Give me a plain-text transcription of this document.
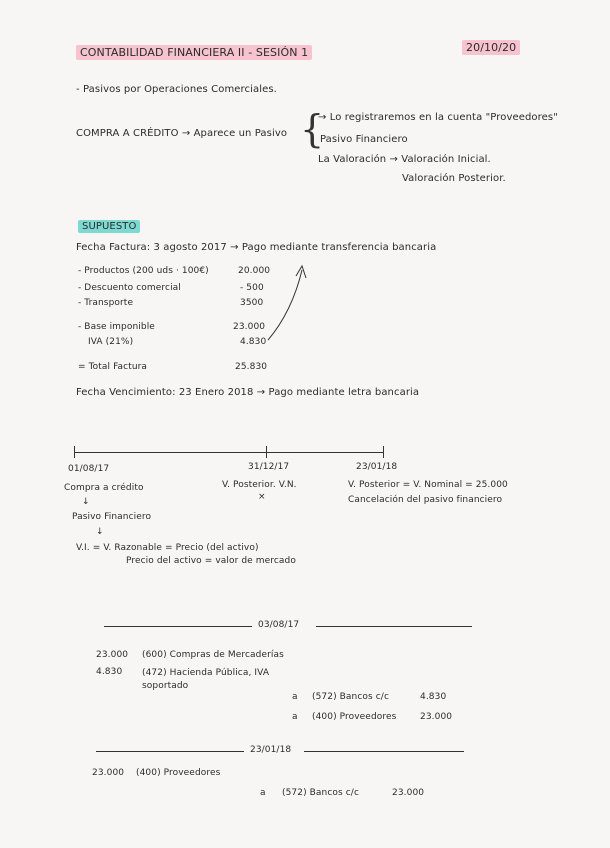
CONTABILIDAD FINANCIERA II - SESIÓN 1	20/10/20
- Pasivos por Operaciones Comerciales.
COMPRA A CRÉDITO → Aparece un Pasivo {
→ Lo registraremos en la cuenta "Proveedores"
Pasivo Financiero
La Valoración → Valoración Inicial.
Valoración Posterior.
SUPUESTO
Fecha Factura: 3 agosto 2017 → Pago mediante transferencia bancaria
- Productos (200 uds · 100€)	20.000
- Descuento comercial	- 500
- Transporte	3500
- Base imponible	23.000
IVA (21%)	4.830
= Total Factura	25.830
Fecha Vencimiento: 23 Enero 2018 → Pago mediante letra bancaria
01/08/17	31/12/17	23/01/18
Compra a crédito
↓
Pasivo Financiero
↓
V.I. = V. Razonable = Precio (del activo)
Precio del activo = valor de mercado
V. Posterior. V.N.
×
V. Posterior = V. Nominal = 25.000
Cancelación del pasivo financiero
03/08/17
23.000 (600) Compras de Mercaderías
4.830 (472) Hacienda Pública, IVA soportado
a (572) Bancos c/c	4.830
a (400) Proveedores	23.000
23/01/18
23.000 (400) Proveedores
a (572) Bancos c/c	23.000
